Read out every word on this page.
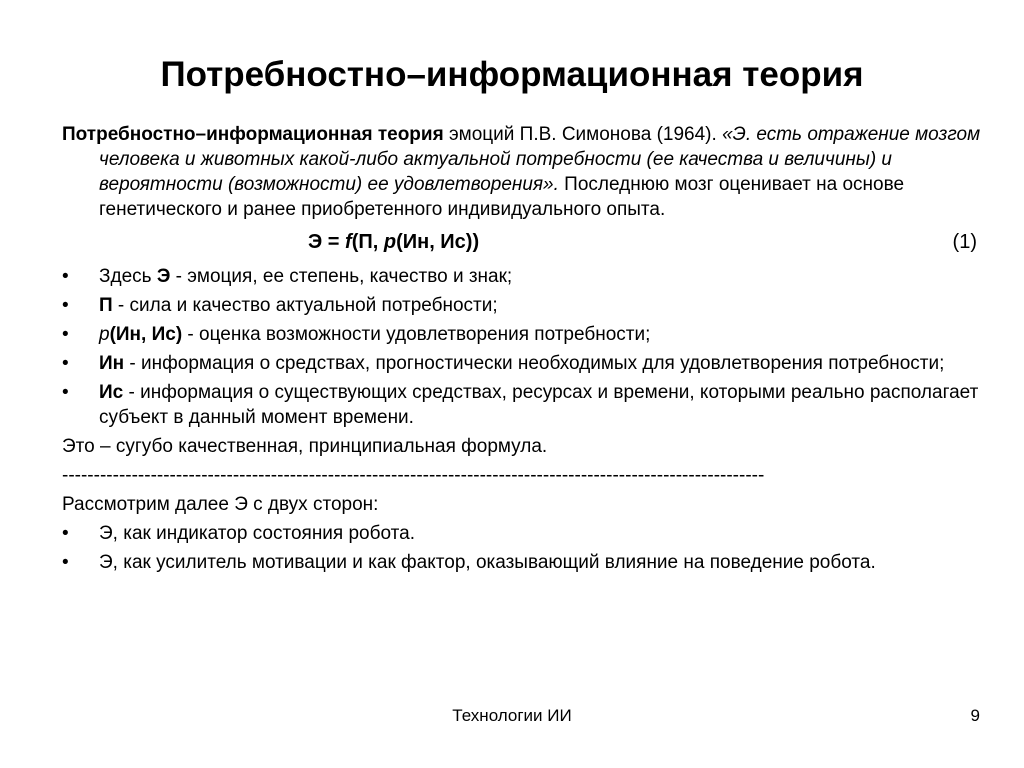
Потребностно–информационная теория

Потребностно–информационная теория эмоций П.В. Симонова (1964). «Э. есть отражение мозгом человека и животных какой-либо актуальной потребности (ее качества и величины) и вероятности (возможности) ее удовлетворения». Последнюю мозг оценивает на основе генетического и ранее приобретенного индивидуального опыта.

Э = f(П, p(Ин, Ис))	(1)
•	Здесь Э - эмоция, ее степень, качество и знак;
•	П - сила и качество актуальной потребности;
•	p(Ин, Ис) - оценка возможности удовлетворения потребности;
•	Ин - информация о средствах, прогностически необходимых для удовлетворения потребности;
•	Ис - информация о существующих средствах, ресурсах и времени, которыми реально располагает субъект в данный момент времени.

Это – сугубо качественная, принципиальная формула.

---------------------------------------------------------------------------------------------------------------

Рассмотрим далее Э с двух сторон:

•	Э, как индикатор состояния робота.
•	Э, как усилитель мотивации и как фактор, оказывающий влияние на поведение робота.
Технологии ИИ	9
